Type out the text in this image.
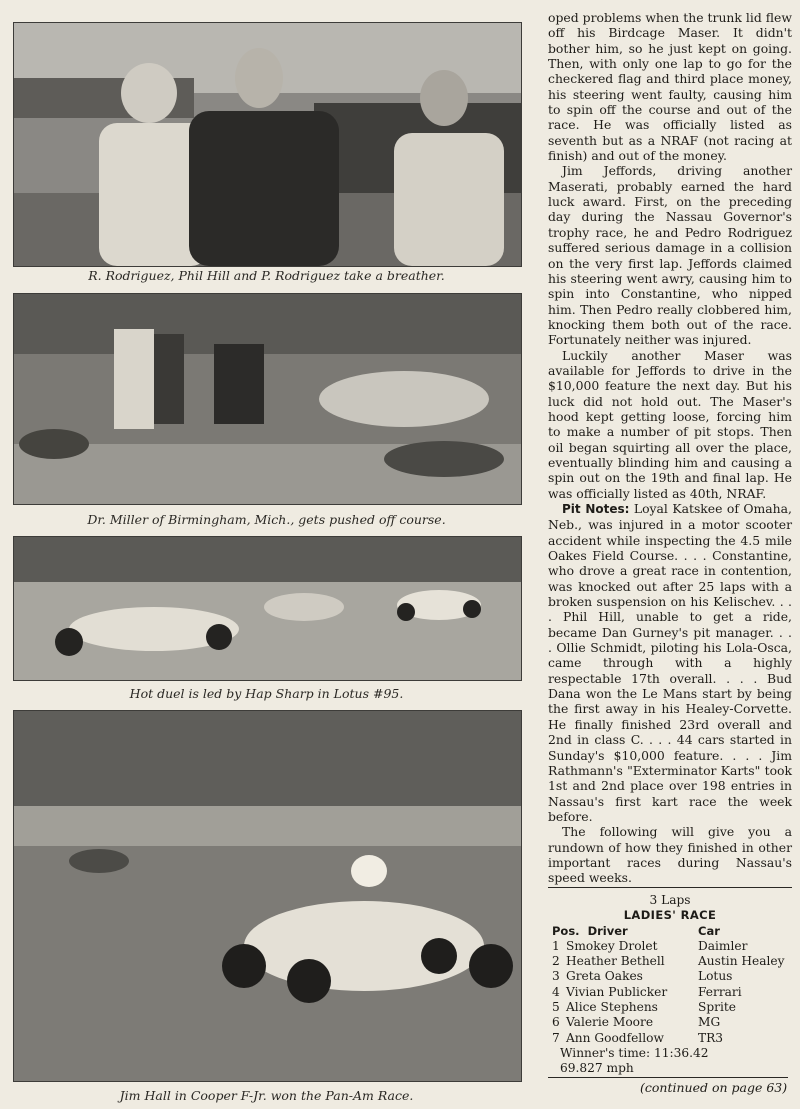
R. Rodriguez, Phil Hill and P. Rodriguez take a breather.
Dr. Miller of Birmingham, Mich., gets pushed off course.
Hot duel is led by Hap Sharp in Lotus #95.
Jim Hall in Cooper F-Jr. won the Pan-Am Race.

oped problems when the trunk lid flew off his Birdcage Maser. It didn't bother him, so he just kept on going. Then, with only one lap to go for the checkered flag and third place money, his steering went faulty, causing him to spin off the course and out of the race. He was officially listed as seventh but as a NRAF (not racing at finish) and out of the money.

Jim Jeffords, driving another Maserati, probably earned the hard luck award. First, on the preceding day during the Nassau Governor's trophy race, he and Pedro Rodriguez suffered serious damage in a collision on the very first lap. Jeffords claimed his steering went awry, causing him to spin into Constantine, who nipped him. Then Pedro really clobbered him, knocking them both out of the race. Fortunately neither was injured.

Luckily another Maser was available for Jeffords to drive in the $10,000 feature the next day. But his luck did not hold out. The Maser's hood kept getting loose, forcing him to make a number of pit stops. Then oil began squirting all over the place, eventually blinding him and causing a spin out on the 19th and final lap. He was officially listed as 40th, NRAF.

Pit Notes: Loyal Katskee of Omaha, Neb., was injured in a motor scooter accident while inspecting the 4.5 mile Oakes Field Course. . . . Constantine, who drove a great race in contention, was knocked out after 25 laps with a broken suspension on his Kelischev. . . . Phil Hill, unable to get a ride, became Dan Gurney's pit manager. . . . Ollie Schmidt, piloting his Lola-Osca, came through with a highly respectable 17th overall. . . . Bud Dana won the Le Mans start by being the first away in his Healey-Corvette. He finally finished 23rd overall and 2nd in class C. . . . 44 cars started in Sunday's $10,000 feature. . . . Jim Rathmann's "Exterminator Karts" took 1st and 2nd place over 198 entries in Nassau's first kart race the week before.

The following will give you a rundown of how they finished in other important races during Nassau's speed weeks.

3 Laps
LADIES' RACE
Pos. Driver		Car
1	Smokey Drolet	Daimler
2	Heather Bethell	Austin Healey
3	Greta Oakes	Lotus
4	Vivian Publicker	Ferrari
5	Alice Stephens	Sprite
6	Valerie Moore	MG
7	Ann Goodfellow	TR3
Winner's time: 11:36.42
69.827 mph
(continued on page 63)
